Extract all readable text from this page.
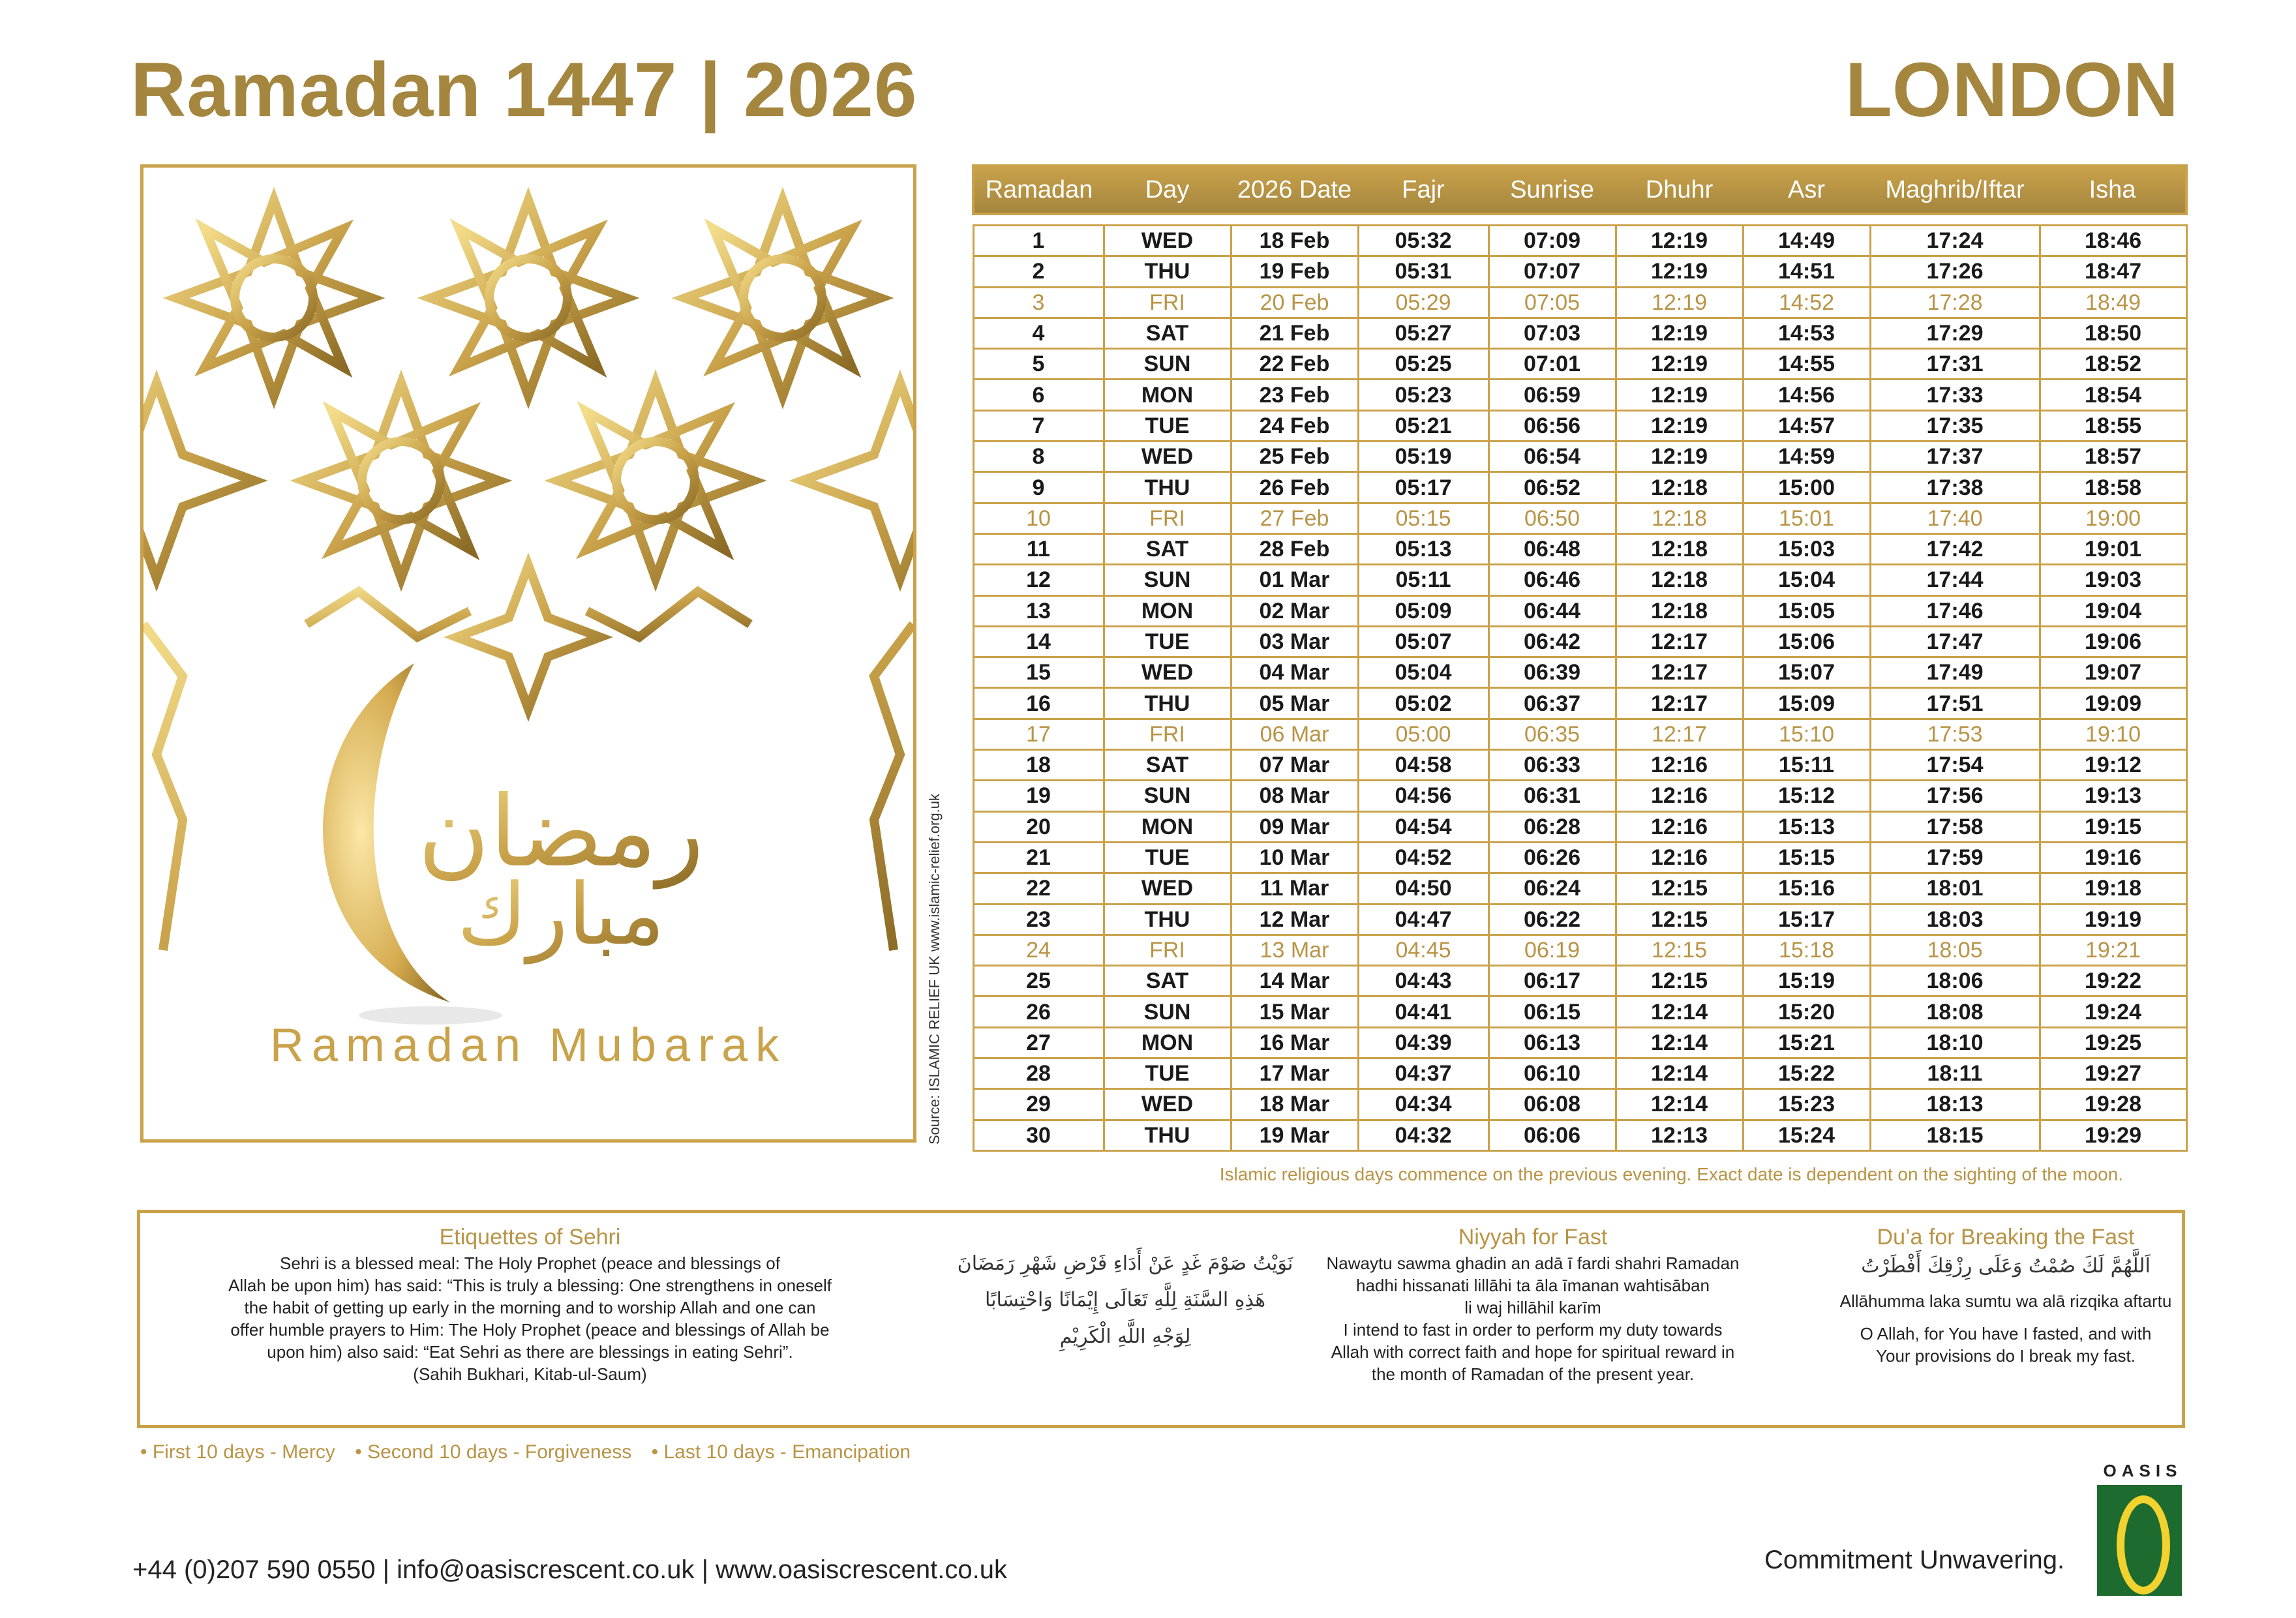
Ramadan 1447 | 2026	LONDON
رمضان
مبارك
Ramadan Mubarak	Source: ISLAMIC RELIEF UK www.islamic-relief.org.uk
Ramadan	Day	2026 Date	Fajr	Sunrise	Dhuhr	Asr	Maghrib/Iftar	Isha

1	WED	18 Feb	05:32	07:09	12:19	14:49	17:24	18:46
2	THU	19 Feb	05:31	07:07	12:19	14:51	17:26	18:47
3	FRI	20 Feb	05:29	07:05	12:19	14:52	17:28	18:49
4	SAT	21 Feb	05:27	07:03	12:19	14:53	17:29	18:50
5	SUN	22 Feb	05:25	07:01	12:19	14:55	17:31	18:52
6	MON	23 Feb	05:23	06:59	12:19	14:56	17:33	18:54
7	TUE	24 Feb	05:21	06:56	12:19	14:57	17:35	18:55
8	WED	25 Feb	05:19	06:54	12:19	14:59	17:37	18:57
9	THU	26 Feb	05:17	06:52	12:18	15:00	17:38	18:58
10	FRI	27 Feb	05:15	06:50	12:18	15:01	17:40	19:00
11	SAT	28 Feb	05:13	06:48	12:18	15:03	17:42	19:01
12	SUN	01 Mar	05:11	06:46	12:18	15:04	17:44	19:03
13	MON	02 Mar	05:09	06:44	12:18	15:05	17:46	19:04
14	TUE	03 Mar	05:07	06:42	12:17	15:06	17:47	19:06
15	WED	04 Mar	05:04	06:39	12:17	15:07	17:49	19:07
16	THU	05 Mar	05:02	06:37	12:17	15:09	17:51	19:09
17	FRI	06 Mar	05:00	06:35	12:17	15:10	17:53	19:10
18	SAT	07 Mar	04:58	06:33	12:16	15:11	17:54	19:12
19	SUN	08 Mar	04:56	06:31	12:16	15:12	17:56	19:13
20	MON	09 Mar	04:54	06:28	12:16	15:13	17:58	19:15
21	TUE	10 Mar	04:52	06:26	12:16	15:15	17:59	19:16
22	WED	11 Mar	04:50	06:24	12:15	15:16	18:01	19:18
23	THU	12 Mar	04:47	06:22	12:15	15:17	18:03	19:19
24	FRI	13 Mar	04:45	06:19	12:15	15:18	18:05	19:21
25	SAT	14 Mar	04:43	06:17	12:15	15:19	18:06	19:22
26	SUN	15 Mar	04:41	06:15	12:14	15:20	18:08	19:24
27	MON	16 Mar	04:39	06:13	12:14	15:21	18:10	19:25
28	TUE	17 Mar	04:37	06:10	12:14	15:22	18:11	19:27
29	WED	18 Mar	04:34	06:08	12:14	15:23	18:13	19:28
30	THU	19 Mar	04:32	06:06	12:13	15:24	18:15	19:29
Islamic religious days commence on the previous evening. Exact date is dependent on the sighting of the moon.
Etiquettes of Sehri
Sehri is a blessed meal: The Holy Prophet (peace and blessings of
Allah be upon him) has said: “This is truly a blessing: One strengthens in oneself
the habit of getting up early in the morning and to worship Allah and one can
offer humble prayers to Him: The Holy Prophet (peace and blessings of Allah be
upon him) also said: “Eat Sehri as there are blessings in eating Sehri”.
(Sahih Bukhari, Kitab-ul-Saum)
نَوَيْتُ صَوْمَ غَدٍ عَنْ أَدَاءِ فَرْضِ شَهْرِ رَمَضَانَ
هَذِهِ السَّنَةِ لِلَّهِ تَعَالَى إِيْمَانًا وَاحْتِسَابًا
لِوَجْهِ اللَّهِ الْكَرِيْمِ
Niyyah for Fast
Nawaytu sawma ghadin an adā ī fardi shahri Ramadan
hadhi hissanati lillāhi ta āla īmanan wahtisāban
li waj hillāhil karīm
I intend to fast in order to perform my duty towards
Allah with correct faith and hope for spiritual reward in
the month of Ramadan of the present year.
Du’a for Breaking the Fast
اَللَّهُمَّ لَكَ صُمْتُ وَعَلَى رِزْقِكَ أَفْطَرْتُ
Allāhumma laka sumtu wa alā rizqika aftartu
O Allah, for You have I fasted, and with
Your provisions do I break my fast.
• First 10 days - Mercy • Second 10 days - Forgiveness • Last 10 days - Emancipation
+44 (0)207 590 0550 | info@oasiscrescent.co.uk | www.oasiscrescent.co.uk	Commitment Unwavering.
OASIS
